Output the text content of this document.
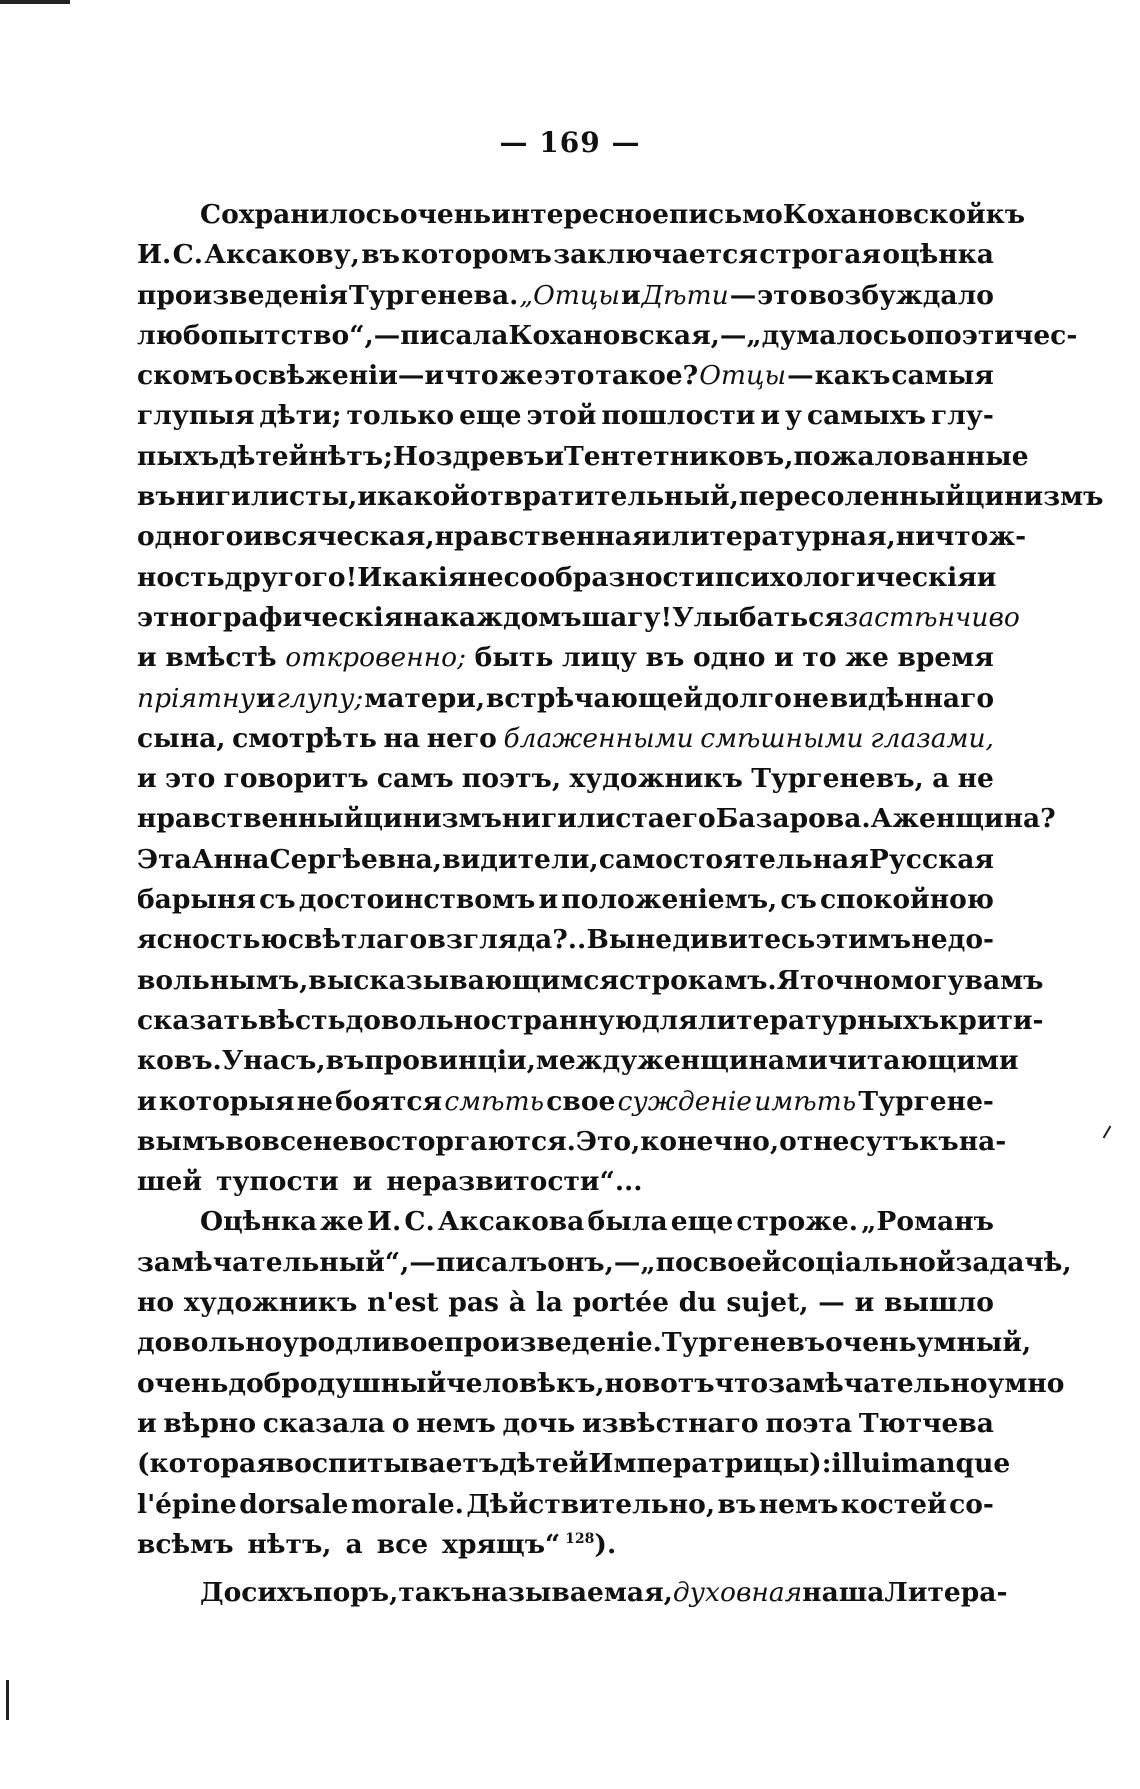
— 169 —
Сохранилось очень интересное письмо Кохановской къ
И. С. Аксакову, въ которомъ заключается строгая оцѣнка
произведенія Тургенева. „Отцы и Дѣти — это возбуждало
любопытство“,—писала Кохановская,—„думалось о поэтичес-
скомъ освѣженіи—и что же это такое? Отцы — какъ самыя
глупыя дѣти; только еще этой пошлости и у самыхъ глу-
пыхъ дѣтей нѣтъ; Ноздревъ и Тентетниковъ, пожалованные
въ нигилисты, и какой отвратительный, пересоленный цинизмъ
одного и всяческая, нравственная и литературная, ничтож-
ность другого! И какія несообразности психологическія и
этнографическія на каждомъ шагу! Улыбаться застѣнчиво
и вмѣстѣ откровенно; быть лицу въ одно и то же время
пріятну и глупу; матери, встрѣчающей долго не видѣннаго
сына, смотрѣть на него блаженными смѣшными глазами,
и это говоритъ самъ поэтъ, художникъ Тургеневъ, а не
нравственный цинизмъ нигилиста его Базарова. А женщина?
Эта Анна Сергѣевна, видите ли, самостоятельная Русская
барыня съ достоинствомъ и положеніемъ, съ спокойною
ясностью свѣтлаго взгляда?.. Вы не дивитесь этимъ недо-
вольнымъ, высказывающимся строкамъ. Я точно могу вамъ
сказать вѣсть довольно странную для литературныхъ крити-
ковъ. У насъ, въ провинціи, между женщинами читающими
и которыя не боятся смѣть свое сужденіе имѣть Тургене-
вымъ вовсе не восторгаются. Это, конечно, отнесутъ къ на-
шей тупости и неразвитости“...
Оцѣнка же И. С. Аксакова была еще строже. „Романъ
замѣчательный“,—писалъ онъ,—„по своей соціальной задачѣ,
но художникъ n'est pas à la portée du sujet, — и вышло
довольно уродливое произведеніе. Тургеневъ очень умный,
очень добродушный человѣкъ, но вотъ что замѣчательно умно
и вѣрно сказала о немъ дочь извѣстнаго поэта Тютчева
(которая воспитываетъ дѣтей Императрицы): il lui manque
l'épine dorsale morale. Дѣйствительно, въ немъ костей со-
всѣмъ нѣтъ, а все хрящъ“ $^{128}$).
До сихъ поръ, такъ называемая, духовная наша Литера-
